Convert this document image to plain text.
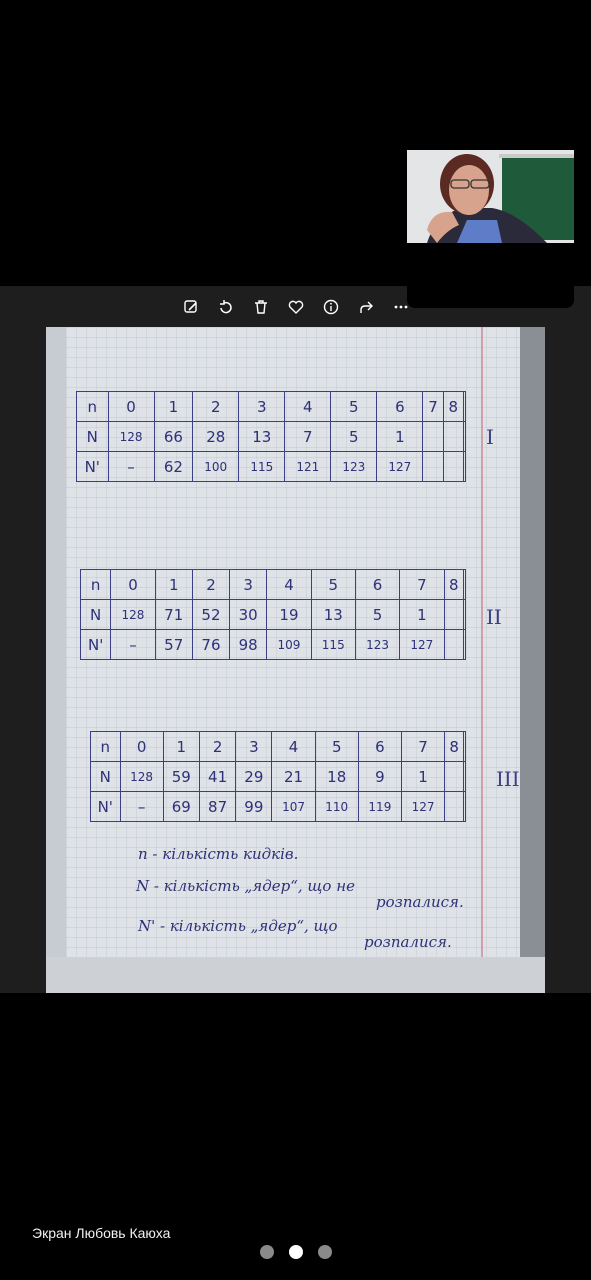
n	0	1	2	3	4	5	6	7	8	
N	128	66	28	13	7	5	1			
N'	–	62	100	115	121	123	127			
I
n	0	1	2	3	4	5	6	7	8	
N	128	71	52	30	19	13	5	1		
N'	–	57	76	98	109	115	123	127		
II
n	0	1	2	3	4	5	6	7	8	
N	128	59	41	29	21	18	9	1		
N'	–	69	87	99	107	110	119	127		
III
n - кількість кидків.
N - кількість „ядер“, що не
розпалися.
N' - кількість „ядер“, що
розпалися.
Экран Любовь Каюха
